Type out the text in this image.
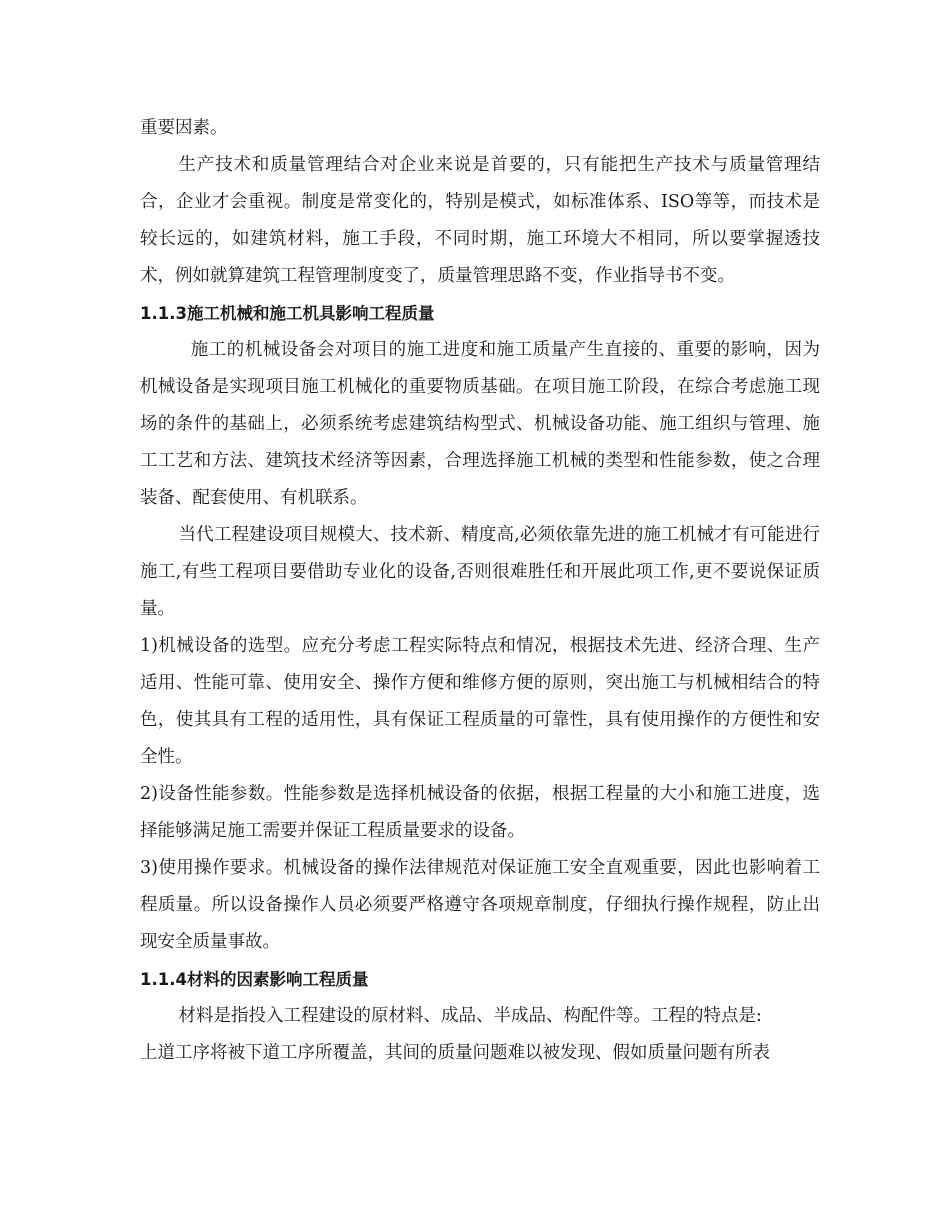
重要因素。

生产技术和质量管理结合对企业来说是首要的，只有能把生产技术与质量管理结合，企业才会重视。制度是常变化的，特别是模式，如标准体系、ISO等等，而技术是较长远的，如建筑材料，施工手段，不同时期，施工环境大不相同，所以要掌握透技术，例如就算建筑工程管理制度变了，质量管理思路不变，作业指导书不变。

1.1.3施工机械和施工机具影响工程质量

施工的机械设备会对项目的施工进度和施工质量产生直接的、重要的影响，因为机械设备是实现项目施工机械化的重要物质基础。在项目施工阶段，在综合考虑施工现场的条件的基础上，必须系统考虑建筑结构型式、机械设备功能、施工组织与管理、施工工艺和方法、建筑技术经济等因素，合理选择施工机械的类型和性能参数，使之合理装备、配套使用、有机联系。

当代工程建设项目规模大、技术新、精度高,必须依靠先进的施工机械才有可能进行施工,有些工程项目要借助专业化的设备,否则很难胜任和开展此项工作,更不要说保证质量。

1)机械设备的选型。应充分考虑工程实际特点和情况，根据技术先进、经济合理、生产适用、性能可靠、使用安全、操作方便和维修方便的原则，突出施工与机械相结合的特色，使其具有工程的适用性，具有保证工程质量的可靠性，具有使用操作的方便性和安全性。

2)设备性能参数。性能参数是选择机械设备的依据，根据工程量的大小和施工进度，选择能够满足施工需要并保证工程质量要求的设备。

3)使用操作要求。机械设备的操作法律规范对保证施工安全直观重要，因此也影响着工程质量。所以设备操作人员必须要严格遵守各项规章制度，仔细执行操作规程，防止出现安全质量事故。

1.1.4材料的因素影响工程质量

材料是指投入工程建设的原材料、成品、半成品、构配件等。工程的特点是:

上道工序将被下道工序所覆盖，其间的质量问题难以被发现、假如质量问题有所表
